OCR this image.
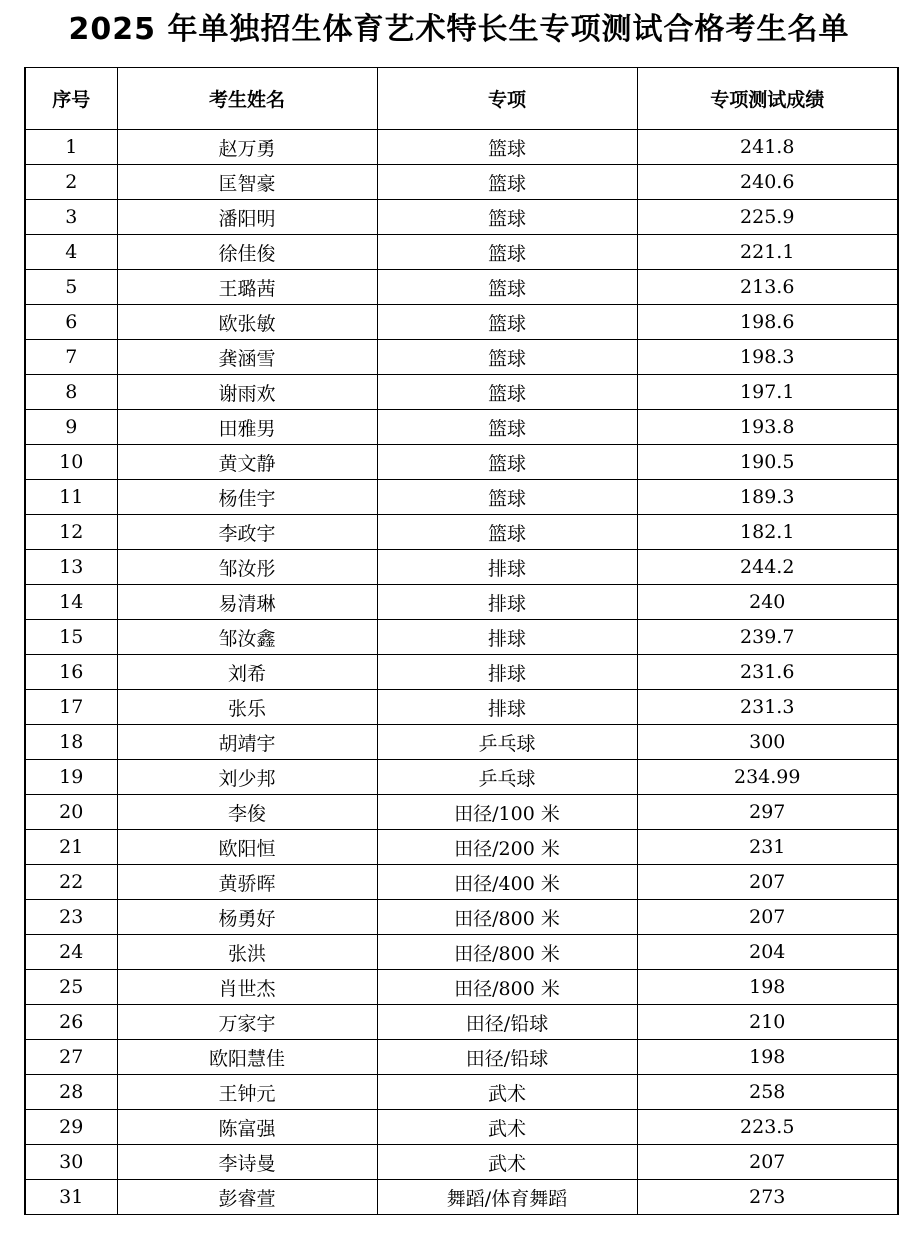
2025 年单独招生体育艺术特长生专项测试合格考生名单
序号	考生姓名	专项	专项测试成绩
1	赵万勇	篮球	241.8
2	匡智豪	篮球	240.6
3	潘阳明	篮球	225.9
4	徐佳俊	篮球	221.1
5	王璐茜	篮球	213.6
6	欧张敏	篮球	198.6
7	龚涵雪	篮球	198.3
8	谢雨欢	篮球	197.1
9	田雅男	篮球	193.8
10	黄文静	篮球	190.5
11	杨佳宇	篮球	189.3
12	李政宇	篮球	182.1
13	邹汝彤	排球	244.2
14	易清琳	排球	240
15	邹汝鑫	排球	239.7
16	刘希	排球	231.6
17	张乐	排球	231.3
18	胡靖宇	乒乓球	300
19	刘少邦	乒乓球	234.99
20	李俊	田径/100 米	297
21	欧阳恒	田径/200 米	231
22	黄骄晖	田径/400 米	207
23	杨勇好	田径/800 米	207
24	张洪	田径/800 米	204
25	肖世杰	田径/800 米	198
26	万家宇	田径/铅球	210
27	欧阳慧佳	田径/铅球	198
28	王钟元	武术	258
29	陈富强	武术	223.5
30	李诗曼	武术	207
31	彭睿萱	舞蹈/体育舞蹈	273
